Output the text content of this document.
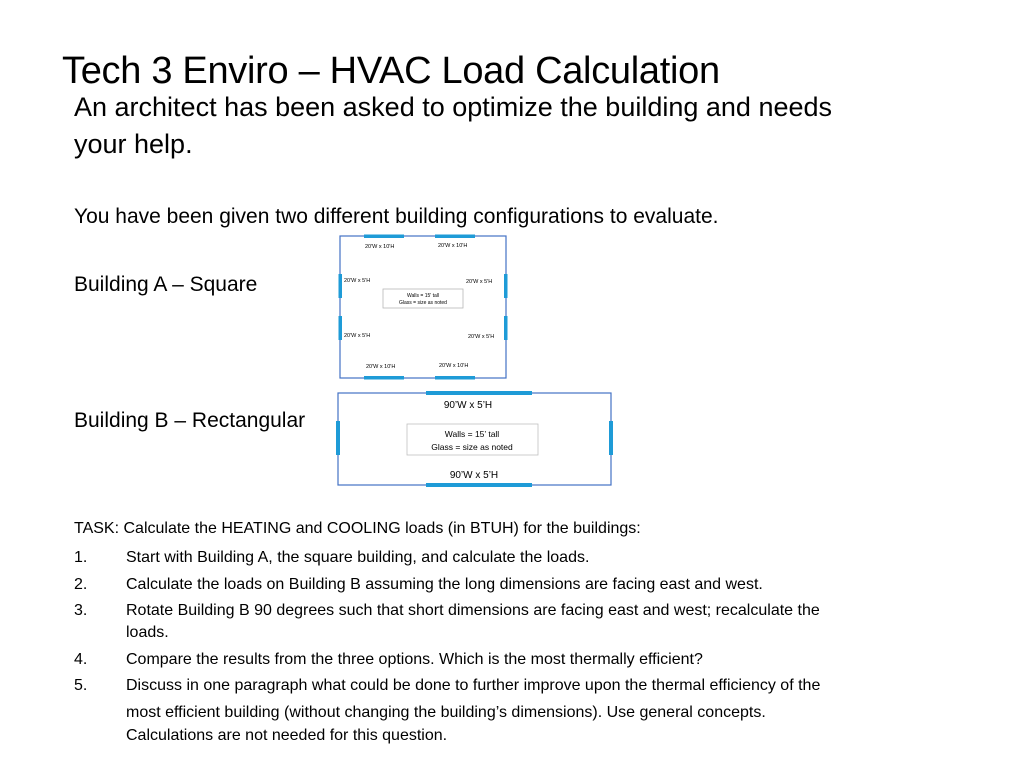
Tech 3 Enviro – HVAC Load Calculation
An architect has been asked to optimize the building and needs
your help.
You have been given two different building configurations to evaluate.
Building A – Square
Building B – Rectangular
20'W x 10'H	20'W x 10'H
20'W x 5'H	20'W x 5'H
20'W x 5'H	20'W x 5'H
20'W x 10'H	20'W x 10'H
Walls = 15' tall
Glass = size as noted
90’W x 5’H
90’W x 5’H
Walls = 15’ tall
Glass = size as noted
TASK: Calculate the HEATING and COOLING loads (in BTUH) for the buildings:
1. Start with Building A, the square building, and calculate the loads.
2. Calculate the loads on Building B assuming the long dimensions are facing east and west.
3. Rotate Building B 90 degrees such that short dimensions are facing east and west; recalculate the
loads.
4. Compare the results from the three options. Which is the most thermally efficient?
5. Discuss in one paragraph what could be done to further improve upon the thermal efficiency of the
most efficient building (without changing the building’s dimensions). Use general concepts.
Calculations are not needed for this question.
